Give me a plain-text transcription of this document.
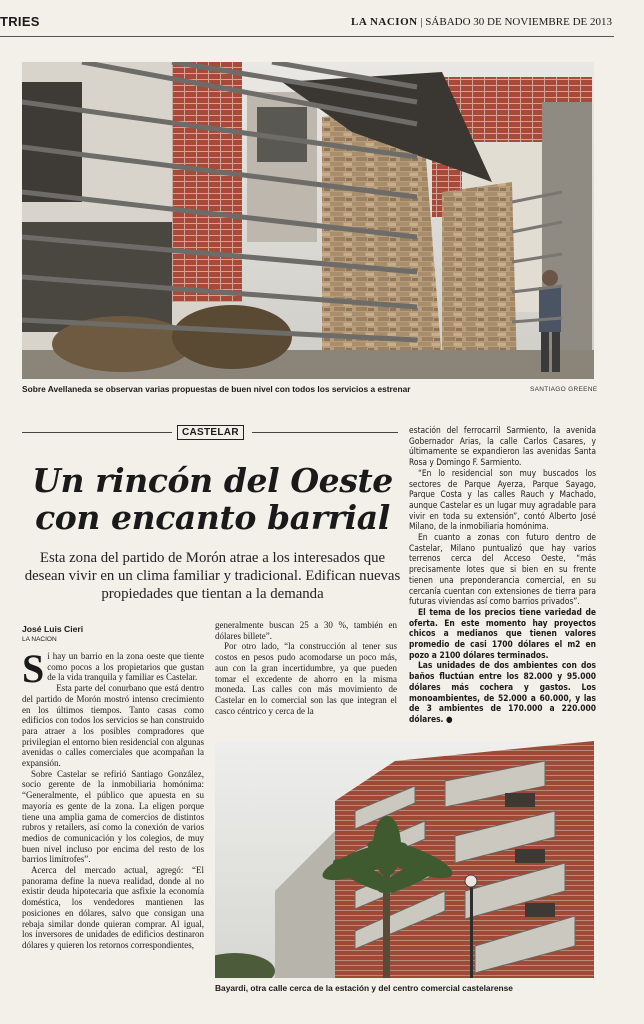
TRIES	LA NACION | SÁBADO 30 DE NOVIEMBRE DE 2013
Sobre Avellaneda se observan varias propuestas de buen nivel con todos los servicios a estrenar	SANTIAGO GREENE
CASTELAR
Un rincón del Oeste
con encanto barrial
Esta zona del partido de Morón atrae a los interesados que desean vivir en un clima familiar y tradicional. Edifican nuevas propiedades que tientan a la demanda
José Luis Cieri
LA NACION

Si hay un barrio en la zona oeste que tiente como pocos a los propietarios que gustan de la vida tranquila y familiar es Castelar.

Esta parte del conurbano que está dentro del partido de Morón mostró intenso crecimiento en los últimos tiempos. Tanto casas como edificios con todos los servicios se han construido para atraer a los posibles compradores que privilegian el entorno bien residencial con algunas avenidas o calles comerciales que acompañan la expansión.

Sobre Castelar se refirió Santiago González, socio gerente de la inmobiliaria homónima: “Generalmente, el público que apuesta en su mayoría es gente de la zona. La eligen porque tiene una amplia gama de comercios de distintos rubros y retailers, así como la conexión de varios medios de comunicación y los colegios, de muy buen nivel incluso por encima del resto de los barrios limítrofes”.

Acerca del mercado actual, agregó: “El panorama define la nueva realidad, donde al no existir deuda hipotecaria que asfixie la economía doméstica, los vendedores mantienen las posiciones en dólares, salvo que consigan una rebaja similar donde quieran comprar. Al igual, los inversores de unidades de edificios destinaron dólares y quieren los retornos correspondientes,

generalmente buscan 25 a 30 %, también en dólares billete”.

Por otro lado, “la construcción al tener sus costos en pesos pudo acomodarse un poco más, aun con la gran incertidumbre, ya que pueden tomar el excedente de ahorro en la misma moneda. Las calles con más movimiento de Castelar en lo comercial son las que integran el casco céntrico y cerca de la

estación del ferrocarril Sarmiento, la avenida Gobernador Arias, la calle Carlos Casares, y últimamente se expandieron las avenidas Santa Rosa y Domingo F. Sarmiento.

“En lo residencial son muy buscados los sectores de Parque Ayerza, Parque Sayago, Parque Costa y las calles Rauch y Machado, aunque Castelar es un lugar muy agradable para vivir en toda su extensión”, contó Alberto José Milano, de la inmobiliaria homónima.

En cuanto a zonas con futuro dentro de Castelar, Milano puntualizó que hay varios terrenos cerca del Acceso Oeste, “más precisamente lotes que si bien en su frente tienen una preponderancia comercial, en su cercanía cuentan con extensiones de tierra para futuras viviendas así como barrios privados”.

El tema de los precios tiene variedad de oferta. En este momento hay proyectos chicos a medianos que tienen valores promedio de casi 1700 dólares el m2 en pozo a 2100 dólares terminados.

Las unidades de dos ambientes con dos baños fluctúan entre los 82.000 y 95.000 dólares más cochera y gastos. Los monoambientes, de 52.000 a 60.000, y las de 3 ambientes de 170.000 a 220.000 dólares. ●

Bayardi, otra calle cerca de la estación y del centro comercial castelarense
